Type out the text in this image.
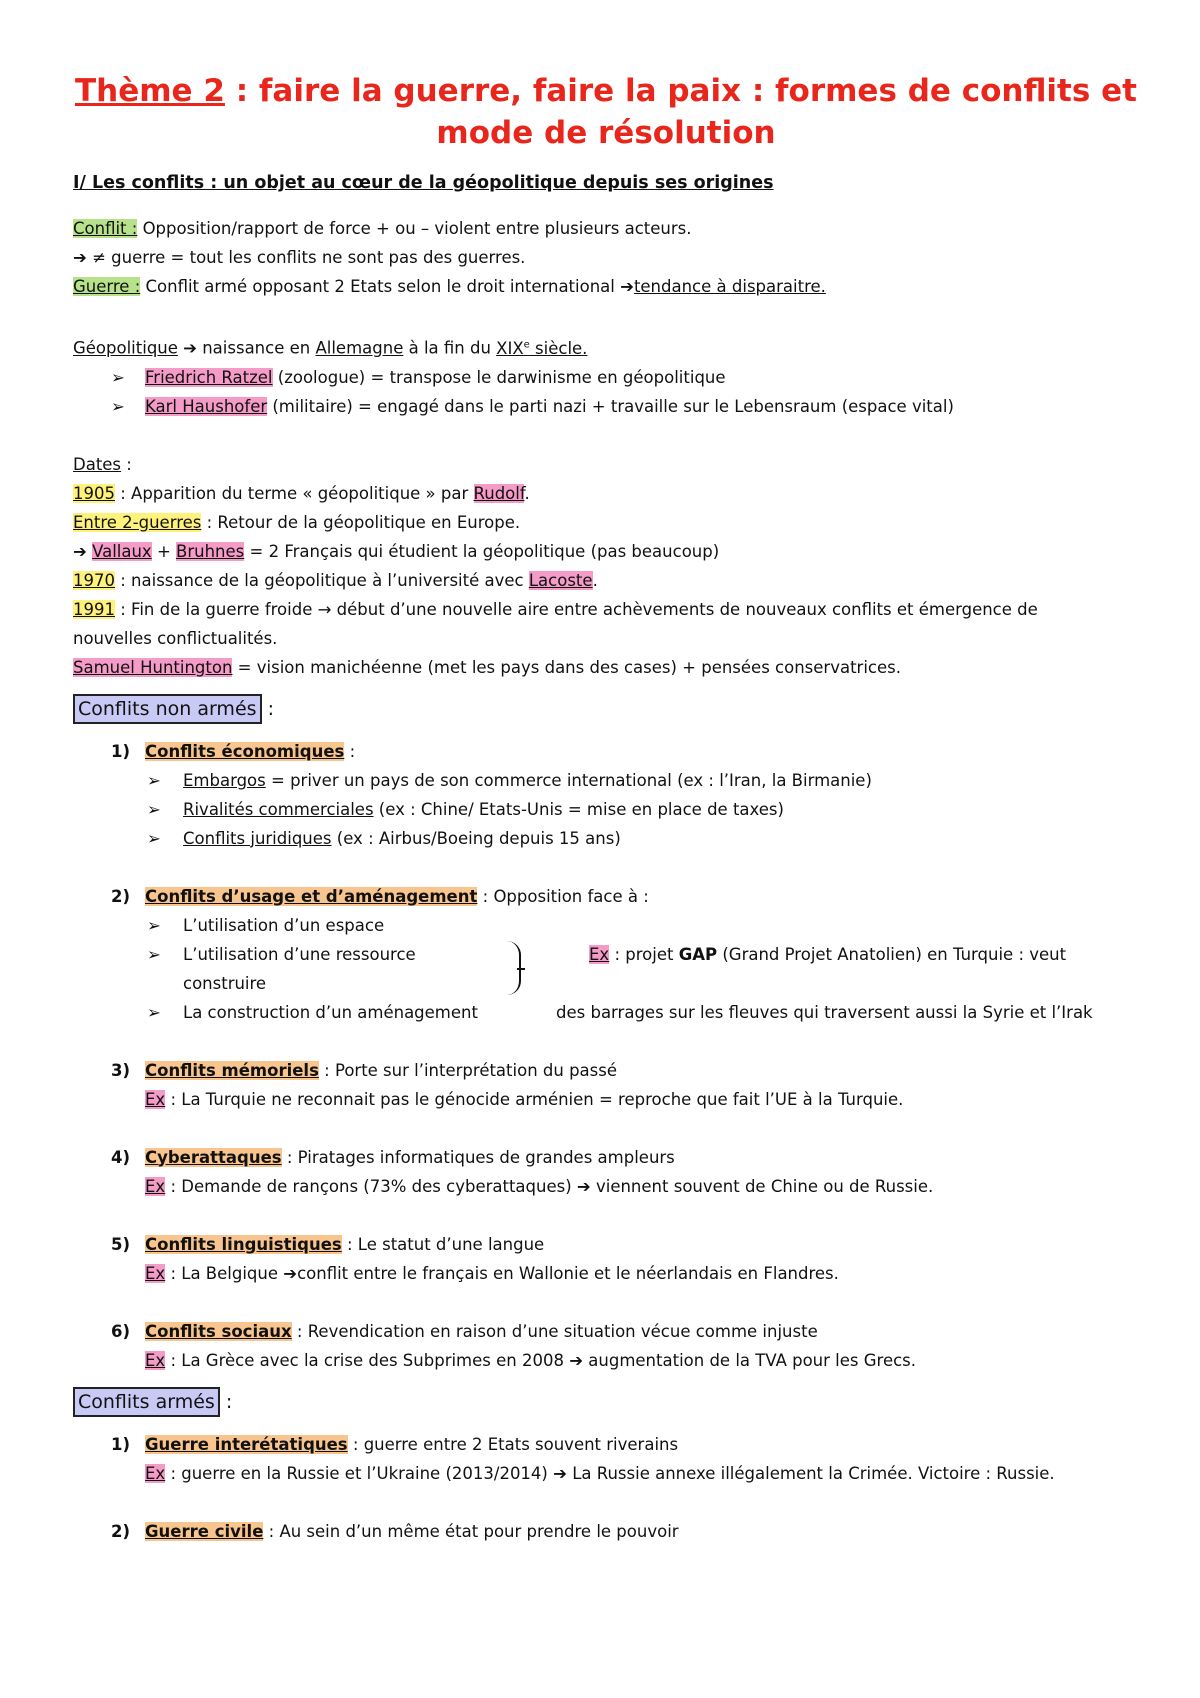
Thème 2 : faire la guerre, faire la paix : formes de conflits et
mode de résolution
I/ Les conflits : un objet au cœur de la géopolitique depuis ses origines
Conflit : Opposition/rapport de force + ou – violent entre plusieurs acteurs.
➔ ≠ guerre = tout les conflits ne sont pas des guerres.
Guerre : Conflit armé opposant 2 Etats selon le droit international ➔tendance à disparaitre.
Géopolitique ➔ naissance en Allemagne à la fin du XIXe siècle.
➢ Friedrich Ratzel (zoologue) = transpose le darwinisme en géopolitique
➢ Karl Haushofer (militaire) = engagé dans le parti nazi + travaille sur le Lebensraum (espace vital)
Dates :
1905 : Apparition du terme « géopolitique » par Rudolf.
Entre 2-guerres : Retour de la géopolitique en Europe.
➔ Vallaux + Bruhnes = 2 Français qui étudient la géopolitique (pas beaucoup)
1970 : naissance de la géopolitique à l’université avec Lacoste.
1991 : Fin de la guerre froide → début d’une nouvelle aire entre achèvements de nouveaux conflits et émergence de
nouvelles conflictualités.
Samuel Huntington = vision manichéenne (met les pays dans des cases) + pensées conservatrices.
Conflits non armés :
1) Conflits économiques :
➢ Embargos = priver un pays de son commerce international (ex : l’Iran, la Birmanie)
➢ Rivalités commerciales (ex : Chine/ Etats-Unis = mise en place de taxes)
➢ Conflits juridiques (ex : Airbus/Boeing depuis 15 ans)
2) Conflits d’usage et d’aménagement : Opposition face à :
➢ L’utilisation d’un espace
➢ L’utilisation d’une ressource	Ex : projet GAP (Grand Projet Anatolien) en Turquie : veut
construire
➢ La construction d’un aménagement	des barrages sur les fleuves qui traversent aussi la Syrie et l’Irak
3) Conflits mémoriels : Porte sur l’interprétation du passé
Ex : La Turquie ne reconnait pas le génocide arménien = reproche que fait l’UE à la Turquie.
4) Cyberattaques : Piratages informatiques de grandes ampleurs
Ex : Demande de rançons (73% des cyberattaques) ➔ viennent souvent de Chine ou de Russie.
5) Conflits linguistiques : Le statut d’une langue
Ex : La Belgique ➔conflit entre le français en Wallonie et le néerlandais en Flandres.
6) Conflits sociaux : Revendication en raison d’une situation vécue comme injuste
Ex : La Grèce avec la crise des Subprimes en 2008 ➔ augmentation de la TVA pour les Grecs.
Conflits armés :
1) Guerre interétatiques : guerre entre 2 Etats souvent riverains
Ex : guerre en la Russie et l’Ukraine (2013/2014) ➔ La Russie annexe illégalement la Crimée. Victoire : Russie.
2) Guerre civile : Au sein d’un même état pour prendre le pouvoir
